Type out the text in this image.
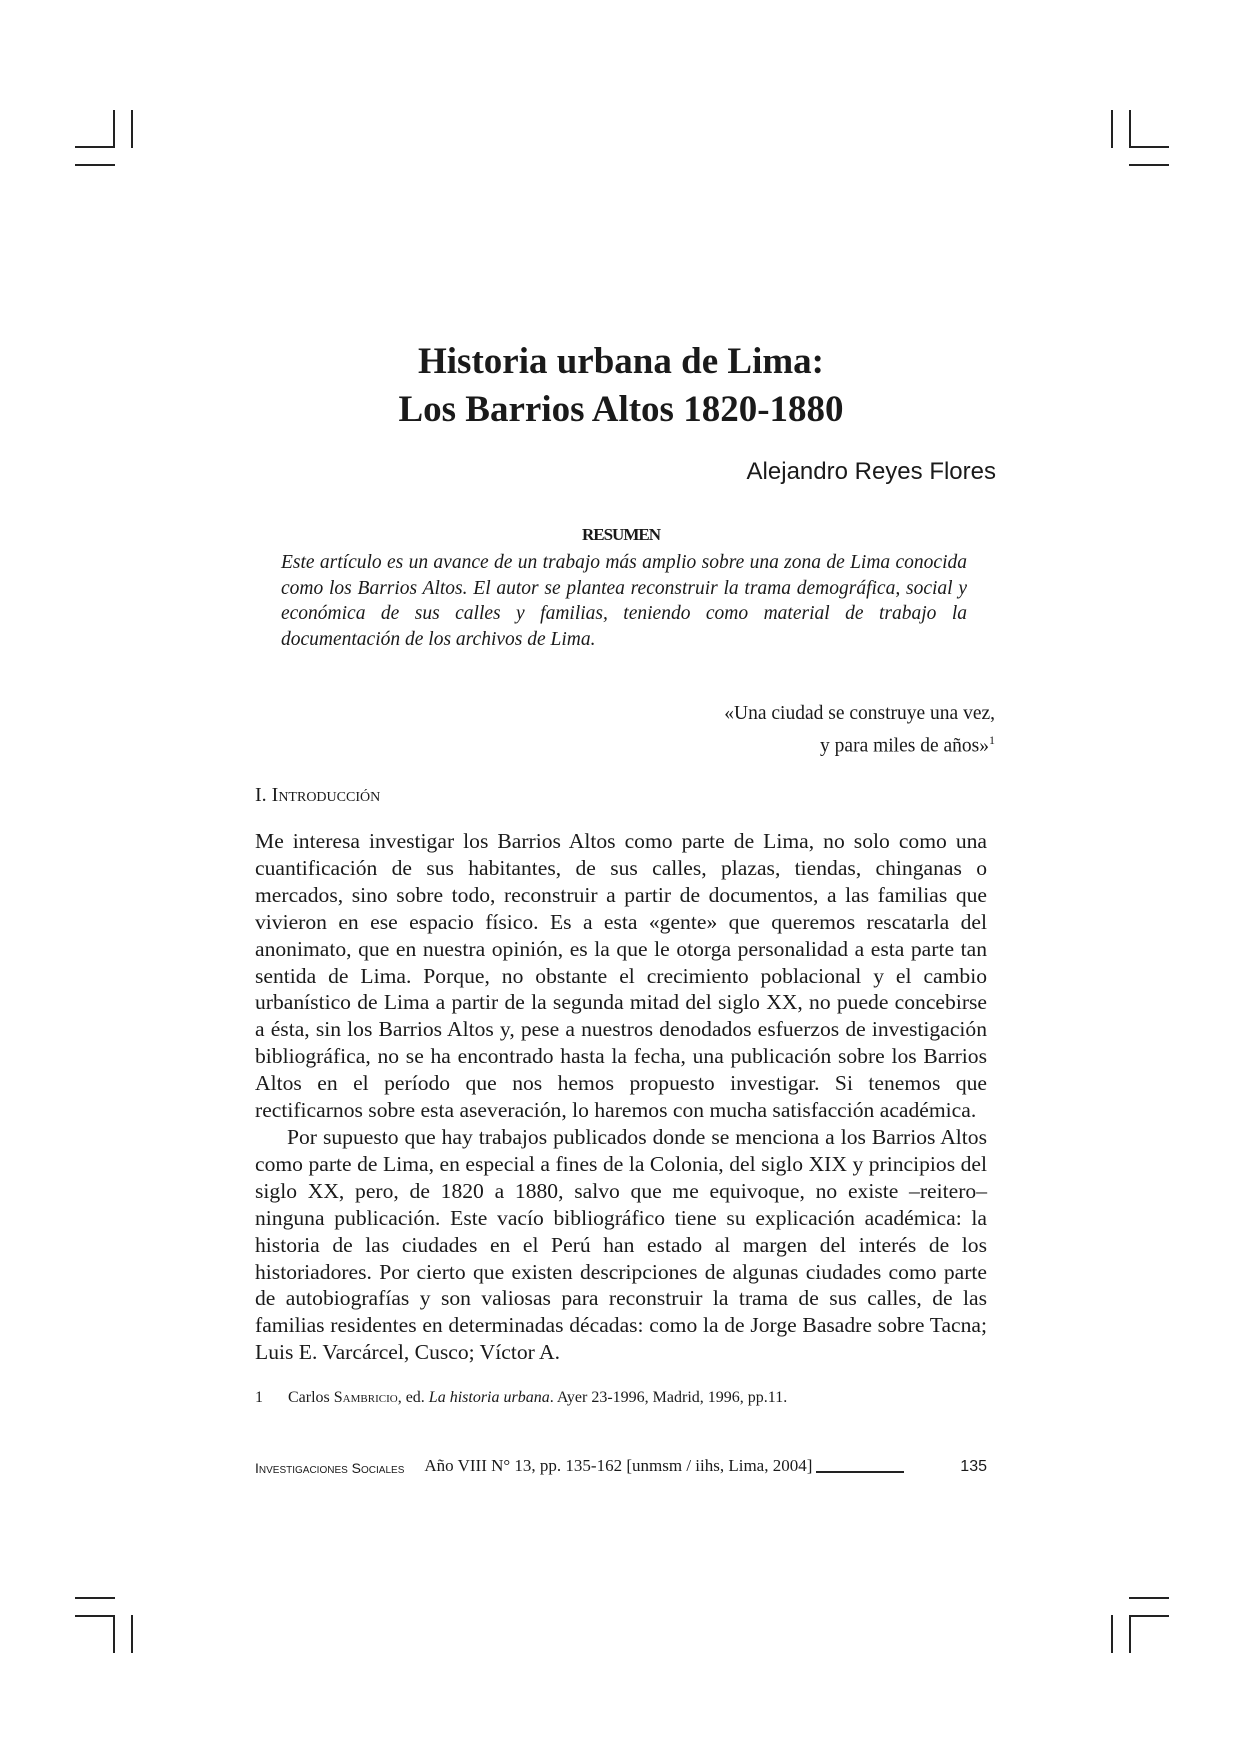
Historia urbana de Lima:
Los Barrios Altos 1820-1880
Alejandro Reyes Flores
RESUMEN

Este artículo es un avance de un trabajo más amplio sobre una zona de Lima conocida como los Barrios Altos. El autor se plantea reconstruir la trama demográfica, social y económica de sus calles y familias, teniendo como material de trabajo la documentación de los archivos de Lima.

«Una ciudad se construye una vez,
y para miles de años»$^1$
I. Introducción

Me interesa investigar los Barrios Altos como parte de Lima, no solo como una cuantificación de sus habitantes, de sus calles, plazas, tiendas, chinganas o mercados, sino sobre todo, reconstruir a partir de documentos, a las familias que vivieron en ese espacio físico. Es a esta «gente» que queremos rescatarla del anonimato, que en nuestra opinión, es la que le otorga personalidad a esta parte tan sentida de Lima. Porque, no obstante el crecimiento poblacional y el cambio urbanístico de Lima a partir de la segunda mitad del siglo XX, no puede concebirse a ésta, sin los Barrios Altos y, pese a nuestros denodados esfuerzos de investigación bibliográfica, no se ha encontrado hasta la fecha, una publicación sobre los Barrios Altos en el período que nos hemos propuesto investigar. Si tenemos que rectificarnos sobre esta aseveración, lo haremos con mucha satisfacción académica.

Por supuesto que hay trabajos publicados donde se menciona a los Barrios Altos como parte de Lima, en especial a fines de la Colonia, del siglo XIX y principios del siglo XX, pero, de 1820 a 1880, salvo que me equivoque, no existe –reitero– ninguna publicación. Este vacío bibliográfico tiene su explicación académica: la historia de las ciudades en el Perú han estado al margen del interés de los historiadores. Por cierto que existen descripciones de algunas ciudades como parte de autobiografías y son valiosas para reconstruir la trama de sus calles, de las familias residentes en determinadas décadas: como la de Jorge Basadre sobre Tacna; Luis E. Varcárcel, Cusco; Víctor A.

1 Carlos Sambricio, ed. La historia urbana. Ayer 23-1996, Madrid, 1996, pp.11.
Investigaciones Sociales Año VIII N° 13, pp. 135-162 [unmsm / iihs, Lima, 2004]	135
